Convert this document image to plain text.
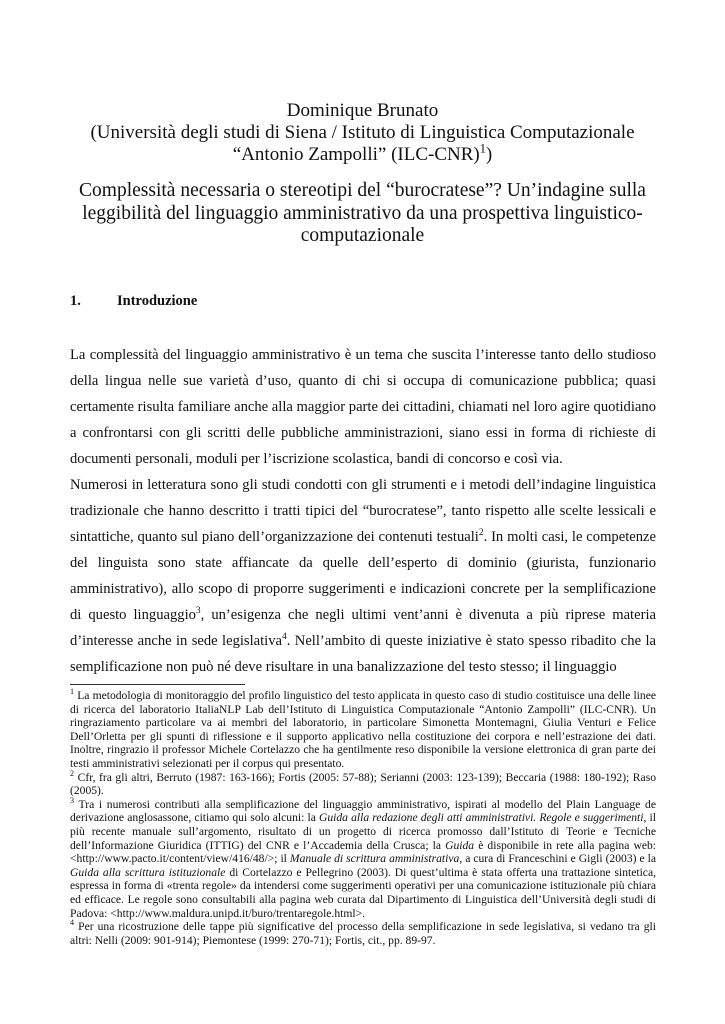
Dominique Brunato
(Università degli studi di Siena / Istituto di Linguistica Computazionale
“Antonio Zampolli” $(ILC-CNR)^1$)
Complessità necessaria o stereotipi del “burocratese”? Un’indagine sulla
leggibilità del linguaggio amministrativo da una prospettiva linguistico-
computazionale
1. Introduzione

La complessità del linguaggio amministrativo è un tema che suscita l’interesse tanto dello studioso della lingua nelle sue varietà d’uso, quanto di chi si occupa di comunicazione pubblica; quasi certamente risulta familiare anche alla maggior parte dei cittadini, chiamati nel loro agire quotidiano a confrontarsi con gli scritti delle pubbliche amministrazioni, siano essi in forma di richieste di documenti personali, moduli per l’iscrizione scolastica, bandi di concorso e così via.

Numerosi in letteratura sono gli studi condotti con gli strumenti e i metodi dell’indagine linguistica tradizionale che hanno descritto i tratti tipici del “burocratese”, tanto rispetto alle scelte lessicali e sintattiche, quanto sul piano dell’organizzazione dei contenuti testuali$^2$. In molti casi, le competenze del linguista sono state affiancate da quelle dell’esperto di dominio (giurista, funzionario amministrativo), allo scopo di proporre suggerimenti e indicazioni concrete per la semplificazione di questo linguaggio$^3$, un’esigenza che negli ultimi vent’anni è divenuta a più riprese materia d’interesse anche in sede legislativa$^4$. Nell’ambito di queste iniziative è stato spesso ribadito che la semplificazione non può né deve risultare in una banalizzazione del testo stesso; il linguaggio

$^1$ La metodologia di monitoraggio del profilo linguistico del testo applicata in questo caso di studio costituisce una delle linee di ricerca del laboratorio ItaliaNLP Lab dell’Istituto di Linguistica Computazionale “Antonio Zampolli” (ILC-CNR). Un ringraziamento particolare va ai membri del laboratorio, in particolare Simonetta Montemagni, Giulia Venturi e Felice Dell’Orletta per gli spunti di riflessione e il supporto applicativo nella costituzione dei corpora e nell’estrazione dei dati. Inoltre, ringrazio il professor Michele Cortelazzo che ha gentilmente reso disponibile la versione elettronica di gran parte dei testi amministrativi selezionati per il corpus qui presentato.

$^2$ Cfr, fra gli altri, Berruto (1987: 163-166); Fortis (2005: 57-88); Serianni (2003: 123-139); Beccaria (1988: 180-192); Raso (2005).

$^3$ Tra i numerosi contributi alla semplificazione del linguaggio amministrativo, ispirati al modello del Plain Language de derivazione anglosassone, citiamo qui solo alcuni: la Guida alla redazione degli atti amministrativi. Regole e suggerimenti, il più recente manuale sull’argomento, risultato di un progetto di ricerca promosso dall’Istituto di Teorie e Tecniche dell’Informazione Giuridica (ITTIG) del CNR e l’Accademia della Crusca; la Guida è disponibile in rete alla pagina web: <http://www.pacto.it/content/view/416/48/>; il Manuale di scrittura amministrativa, a cura di Franceschini e Gigli (2003) e la Guida alla scrittura istituzionale di Cortelazzo e Pellegrino (2003). Di quest’ultima è stata offerta una trattazione sintetica, espressa in forma di «trenta regole» da intendersi come suggerimenti operativi per una comunicazione istituzionale più chiara ed efficace. Le regole sono consultabili alla pagina web curata dal Dipartimento di Linguistica dell’Università degli studi di Padova: <http://www.maldura.unipd.it/buro/trentaregole.html>.

$^4$ Per una ricostruzione delle tappe più significative del processo della semplificazione in sede legislativa, si vedano tra gli altri: Nelli (2009: 901-914); Piemontese (1999: 270-71); Fortis, cit., pp. 89-97.
